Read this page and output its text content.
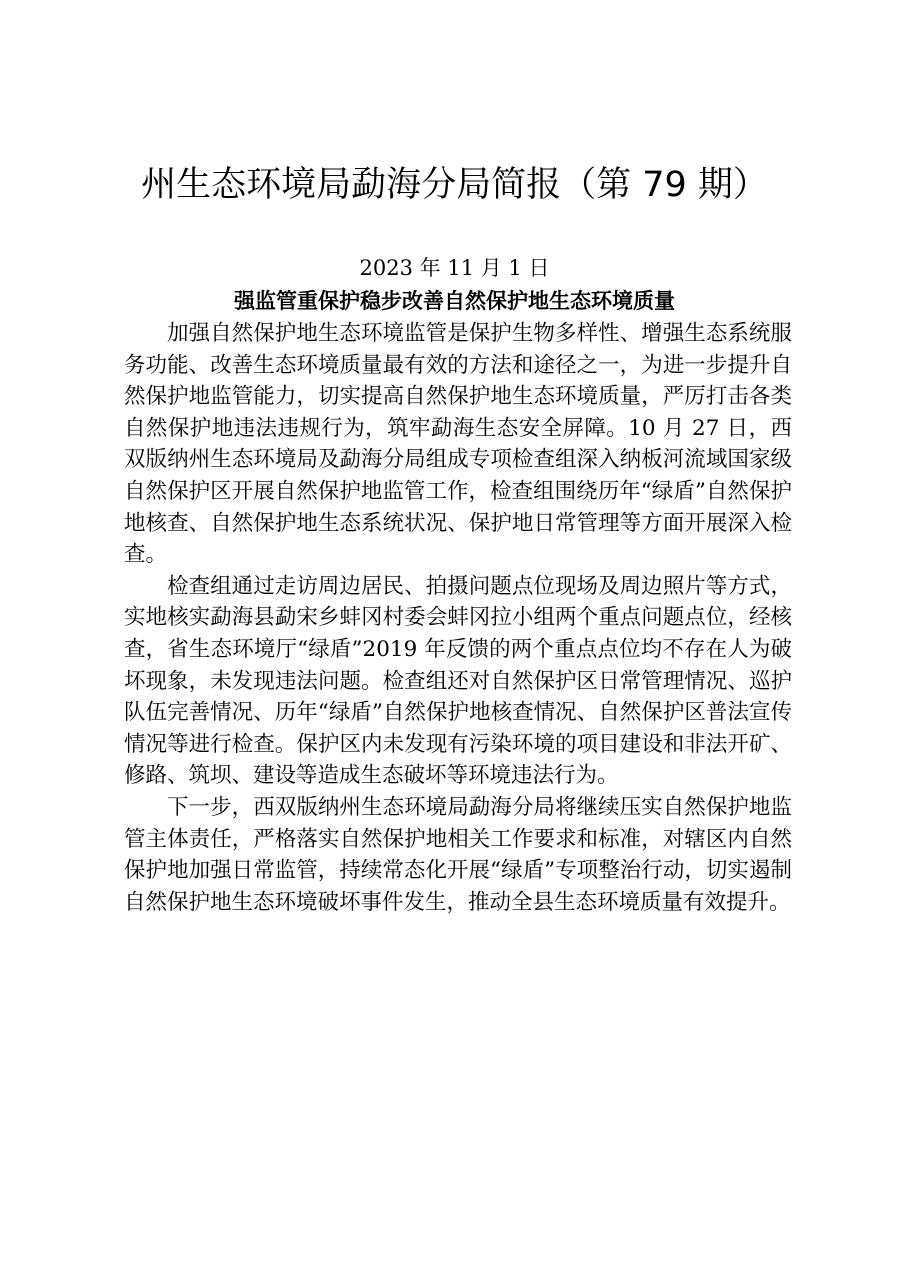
州生态环境局勐海分局简报（第 79 期）
2023 年 11 月 1 日
强监管重保护稳步改善自然保护地生态环境质量

加强自然保护地生态环境监管是保护生物多样性、增强生态系统服务功能、改善生态环境质量最有效的方法和途径之一，为进一步提升自然保护地监管能力，切实提高自然保护地生态环境质量，严厉打击各类自然保护地违法违规行为，筑牢勐海生态安全屏障。10 月 27 日，西双版纳州生态环境局及勐海分局组成专项检查组深入纳板河流域国家级自然保护区开展自然保护地监管工作，检查组围绕历年“绿盾”自然保护地核查、自然保护地生态系统状况、保护地日常管理等方面开展深入检查。

检查组通过走访周边居民、拍摄问题点位现场及周边照片等方式，实地核实勐海县勐宋乡蚌冈村委会蚌冈拉小组两个重点问题点位，经核查，省生态环境厅“绿盾”2019 年反馈的两个重点点位均不存在人为破坏现象，未发现违法问题。检查组还对自然保护区日常管理情况、巡护队伍完善情况、历年“绿盾”自然保护地核查情况、自然保护区普法宣传情况等进行检查。保护区内未发现有污染环境的项目建设和非法开矿、修路、筑坝、建设等造成生态破坏等环境违法行为。

下一步，西双版纳州生态环境局勐海分局将继续压实自然保护地监管主体责任，严格落实自然保护地相关工作要求和标准，对辖区内自然保护地加强日常监管，持续常态化开展“绿盾”专项整治行动，切实遏制自然保护地生态环境破坏事件发生，推动全县生态环境质量有效提升。
